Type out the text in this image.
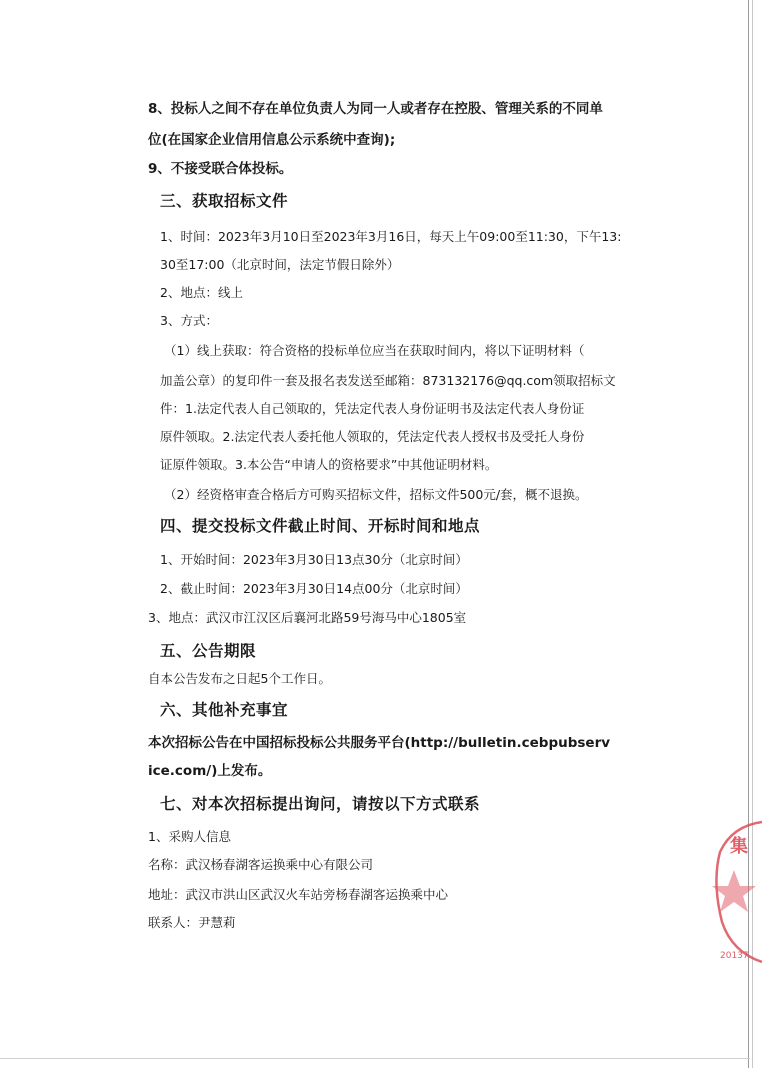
8、投标人之间不存在单位负责人为同一人或者存在控股、管理关系的不同单
位(在国家企业信用信息公示系统中查询);
9、不接受联合体投标。
三、获取招标文件
1、时间：2023年3月10日至2023年3月16日，每天上午09:00至11:30，下午13:
30至17:00（北京时间，法定节假日除外）
2、地点：线上
3、方式：
（1）线上获取：符合资格的投标单位应当在获取时间内，将以下证明材料（
加盖公章）的复印件一套及报名表发送至邮箱：873132176@qq.com领取招标文
件：1.法定代表人自己领取的，凭法定代表人身份证明书及法定代表人身份证
原件领取。2.法定代表人委托他人领取的，凭法定代表人授权书及受托人身份
证原件领取。3.本公告“申请人的资格要求”中其他证明材料。
（2）经资格审查合格后方可购买招标文件，招标文件500元/套，概不退换。
四、提交投标文件截止时间、开标时间和地点
1、开始时间：2023年3月30日13点30分（北京时间）
2、截止时间：2023年3月30日14点00分（北京时间）
3、地点：武汉市江汉区后襄河北路59号海马中心1805室
五、公告期限
自本公告发布之日起5个工作日。
六、其他补充事宜
本次招标公告在中国招标投标公共服务平台(http://bulletin.cebpubserv
ice.com/)上发布。
七、对本次招标提出询问，请按以下方式联系
1、采购人信息
名称：武汉杨春湖客运换乘中心有限公司
地址：武汉市洪山区武汉火车站旁杨春湖客运换乘中心
联系人：尹慧莉
集
20137
